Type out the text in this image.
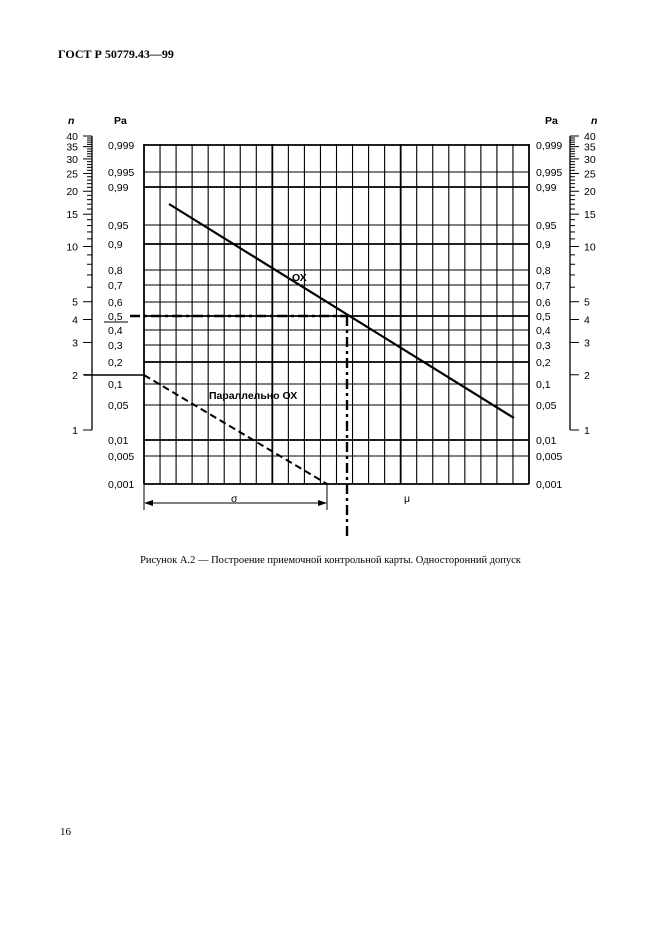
ГОСТ Р 50779.43—99
0,999	0,999
0,995	0,995
0,99	0,99
0,95	0,95
0,9	0,9
0,8	0,8
0,7	0,7
0,6	0,6
0,5	0,5
0,4	0,4
0,3	0,3
0,2	0,2
0,1	0,1
0,05	0,05
0,01	0,01
0,005	0,005
0,001	0,001
40
35
30
25
20
15
10
5
4
3
2
1
40
35
30
25
20
15
10
5
4
3
2
1
n	Pa	Pa	n
ОХ
Параллельно ОХ
σ	μ
Рисунок А.2 — Построение приемочной контрольной карты. Односторонний допуск
16
